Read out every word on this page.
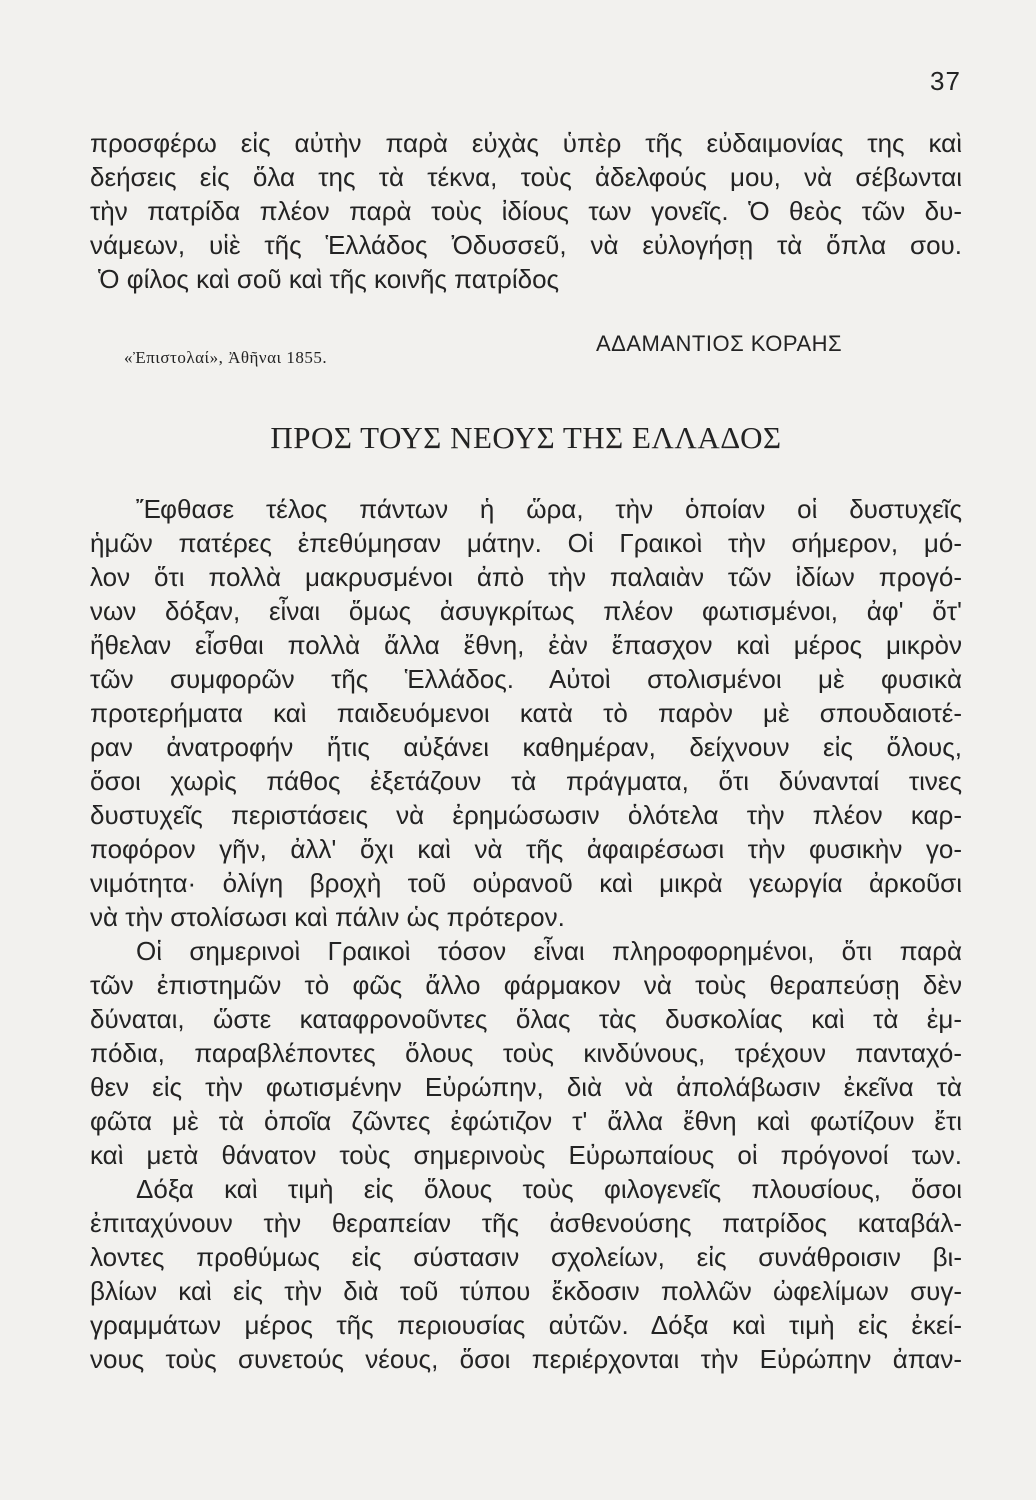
37
προσφέρω εἰς αὐτὴν παρὰ εὐχὰς ὑπὲρ τῆς εὐδαιμονίας της καὶ
δεήσεις εἰς ὅλα της τὰ τέκνα, τοὺς ἀδελφούς μου, νὰ σέβωνται
τὴν πατρίδα πλέον παρὰ τοὺς ἰδίους των γονεῖς. Ὁ θεὸς τῶν δυ-
νάμεων, υἱὲ τῆς Ἑλλάδος Ὀδυσσεῦ, νὰ εὐλογήσῃ τὰ ὅπλα σου.
Ὁ φίλος καὶ σοῦ καὶ τῆς κοινῆς πατρίδος
ΑΔΑΜΑΝΤΙΟΣ ΚΟΡΑΗΣ
«Ἐπιστολαί», Ἀθῆναι 1855.
ΠΡΟΣ ΤΟΥΣ ΝΕΟΥΣ ΤΗΣ ΕΛΛΑΔΟΣ
Ἔφθασε τέλος πάντων ἡ ὥρα, τὴν ὁποίαν οἱ δυστυχεῖς
ἡμῶν πατέρες ἐπεθύμησαν μάτην. Οἱ Γραικοὶ τὴν σήμερον, μό-
λον ὅτι πολλὰ μακρυσμένοι ἀπὸ τὴν παλαιὰν τῶν ἰδίων προγό-
νων δόξαν, εἶναι ὅμως ἀσυγκρίτως πλέον φωτισμένοι, ἀφ' ὅτ'
ἤθελαν εἶσθαι πολλὰ ἄλλα ἔθνη, ἐὰν ἔπασχον καὶ μέρος μικρὸν
τῶν συμφορῶν τῆς Ἑλλάδος. Αὐτοὶ στολισμένοι μὲ φυσικὰ
προτερήματα καὶ παιδευόμενοι κατὰ τὸ παρὸν μὲ σπουδαιοτέ-
ραν ἀνατροφήν ἥτις αὐξάνει καθημέραν, δείχνουν εἰς ὅλους,
ὅσοι χωρὶς πάθος ἐξετάζουν τὰ πράγματα, ὅτι δύνανταί τινες
δυστυχεῖς περιστάσεις νὰ ἐρημώσωσιν ὁλότελα τὴν πλέον καρ-
ποφόρον γῆν, ἀλλ' ὄχι καὶ νὰ τῆς ἀφαιρέσωσι τὴν φυσικὴν γο-
νιμότητα· ὀλίγη βροχὴ τοῦ οὐρανοῦ καὶ μικρὰ γεωργία ἀρκοῦσι
νὰ τὴν στολίσωσι καὶ πάλιν ὡς πρότερον.
Οἱ σημερινοὶ Γραικοὶ τόσον εἶναι πληροφορημένοι, ὅτι παρὰ
τῶν ἐπιστημῶν τὸ φῶς ἄλλο φάρμακον νὰ τοὺς θεραπεύσῃ δὲν
δύναται, ὥστε καταφρονοῦντες ὅλας τὰς δυσκολίας καὶ τὰ ἐμ-
πόδια, παραβλέποντες ὅλους τοὺς κινδύνους, τρέχουν πανταχό-
θεν εἰς τὴν φωτισμένην Εὐρώπην, διὰ νὰ ἀπολάβωσιν ἐκεῖνα τὰ
φῶτα μὲ τὰ ὁποῖα ζῶντες ἐφώτιζον τ' ἄλλα ἔθνη καὶ φωτίζουν ἔτι
καὶ μετὰ θάνατον τοὺς σημερινοὺς Εὐρωπαίους οἱ πρόγονοί των.
Δόξα καὶ τιμὴ εἰς ὅλους τοὺς φιλογενεῖς πλουσίους, ὅσοι
ἐπιταχύνουν τὴν θεραπείαν τῆς ἀσθενούσης πατρίδος καταβάλ-
λοντες προθύμως εἰς σύστασιν σχολείων, εἰς συνάθροισιν βι-
βλίων καὶ εἰς τὴν διὰ τοῦ τύπου ἔκδοσιν πολλῶν ὠφελίμων συγ-
γραμμάτων μέρος τῆς περιουσίας αὐτῶν. Δόξα καὶ τιμὴ εἰς ἐκεί-
νους τοὺς συνετούς νέους, ὅσοι περιέρχονται τὴν Εὐρώπην ἀπαν-
